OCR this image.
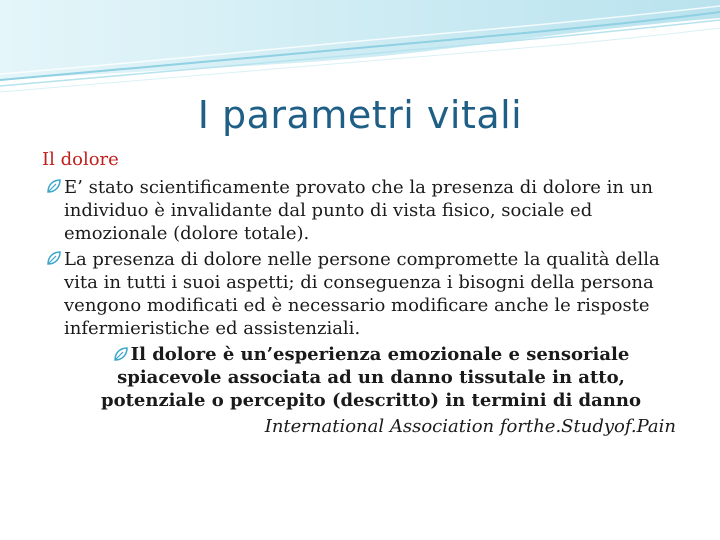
I parametri vitali
Il dolore
E’ stato scientificamente provato che la presenza di dolore in un individuo è invalidante dal punto di vista fisico, sociale ed emozionale (dolore totale).
La presenza di dolore nelle persone compromette la qualità della vita in tutti i suoi aspetti; di conseguenza i bisogni della persona vengono modificati ed è necessario modificare anche le risposte infermieristiche ed assistenziali.
Il dolore è un’esperienza emozionale e sensoriale spiacevole associata ad un danno tissutale in atto, potenziale o percepito (descritto) in termini di danno
International Association forthe.Studyof.Pain
